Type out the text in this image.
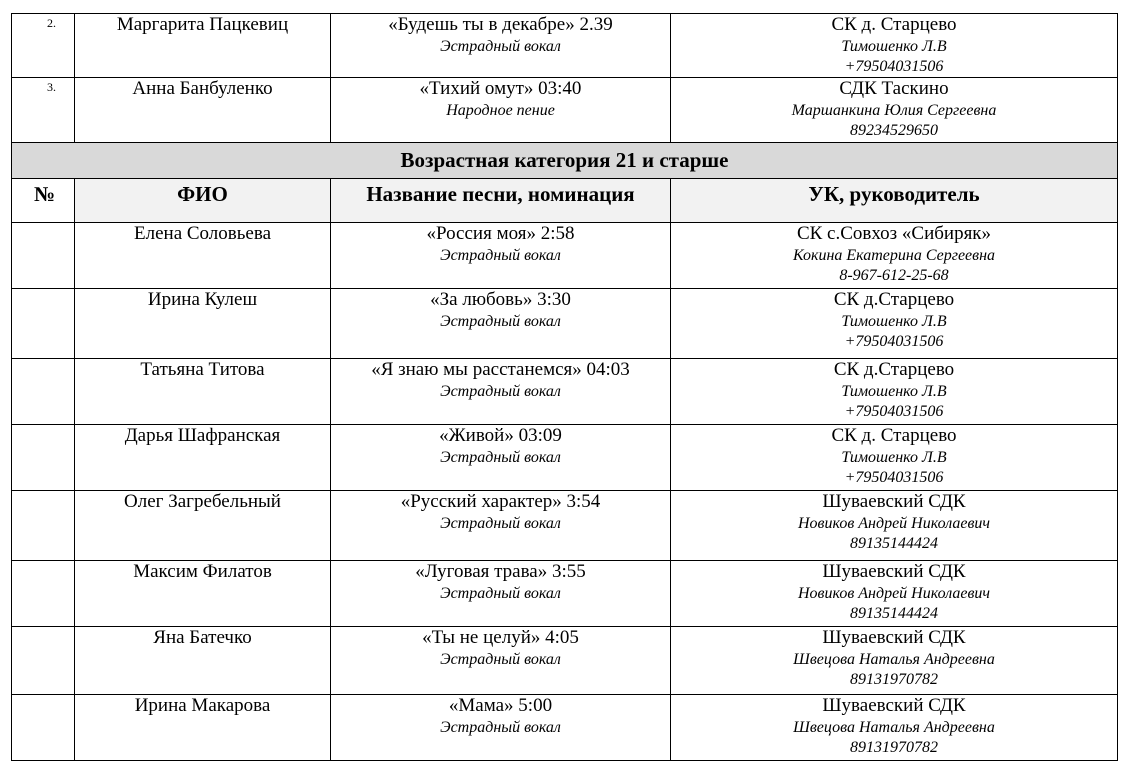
2.	Маргарита Пацкевиц	«Будешь ты в декабре» 2.39
Эстрадный вокал	СК д. Старцево
Тимошенко Л.В
+79504031506

3.	Анна Банбуленко	«Тихий омут» 03:40
Народное пение	СДК Таскино
Маршанкина Юлия Сергеевна
89234529650

Возрастная категория 21 и старше			
№	ФИО	Название песни, номинация	УК, руководитель
	Елена Соловьева	«Россия моя» 2:58
Эстрадный вокал	СК с.Совхоз «Сибиряк»
Кокина Екатерина Сергеевна
8-967-612-25-68

	Ирина Кулеш	«За любовь» 3:30
Эстрадный вокал	СК д.Старцево
Тимошенко Л.В
+79504031506

	Татьяна Титова	«Я знаю мы расстанемся» 04:03
Эстрадный вокал	СК д.Старцево
Тимошенко Л.В
+79504031506

	Дарья Шафранская	«Живой» 03:09
Эстрадный вокал	СК д. Старцево
Тимошенко Л.В
+79504031506

	Олег Загребельный	«Русский характер» 3:54
Эстрадный вокал	Шуваевский СДК
Новиков Андрей Николаевич
89135144424

	Максим Филатов	«Луговая трава» 3:55
Эстрадный вокал	Шуваевский СДК
Новиков Андрей Николаевич
89135144424

	Яна Батечко	«Ты не целуй» 4:05
Эстрадный вокал	Шуваевский СДК
Швецова Наталья Андреевна
89131970782

	Ирина Макарова	«Мама» 5:00
Эстрадный вокал	Шуваевский СДК
Швецова Наталья Андреевна
89131970782
